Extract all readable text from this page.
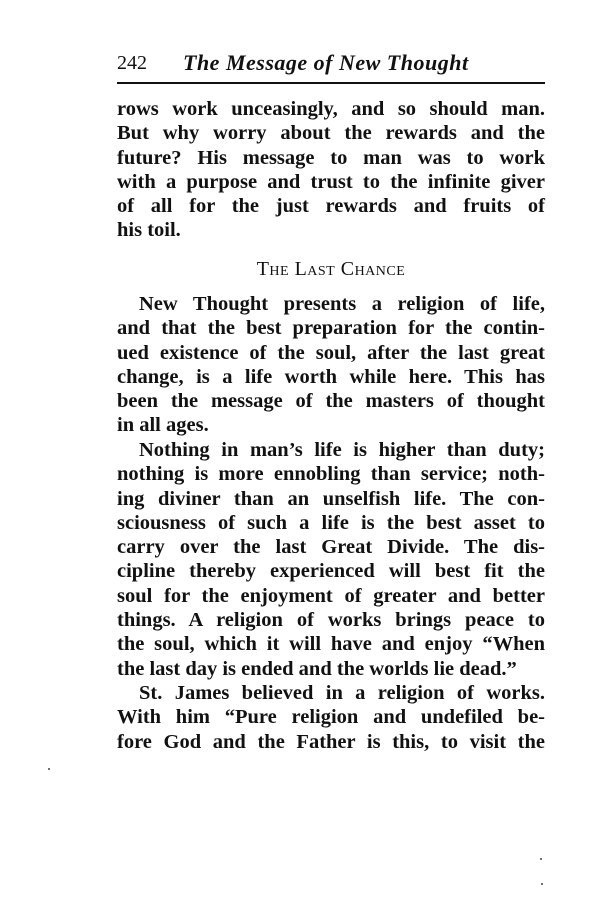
242 The Message of New Thought
rows work unceasingly, and so should man.
But why worry about the rewards and the
future? His message to man was to work
with a purpose and trust to the infinite giver
of all for the just rewards and fruits of
his toil.
The Last Chance
New Thought presents a religion of life,
and that the best preparation for the contin-
ued existence of the soul, after the last great
change, is a life worth while here. This has
been the message of the masters of thought
in all ages.
Nothing in man’s life is higher than duty;
nothing is more ennobling than service; noth-
ing diviner than an unselfish life. The con-
sciousness of such a life is the best asset to
carry over the last Great Divide. The dis-
cipline thereby experienced will best fit the
soul for the enjoyment of greater and better
things. A religion of works brings peace to
the soul, which it will have and enjoy “When
the last day is ended and the worlds lie dead.”
St. James believed in a religion of works.
With him “Pure religion and undefiled be-
fore God and the Father is this, to visit the
